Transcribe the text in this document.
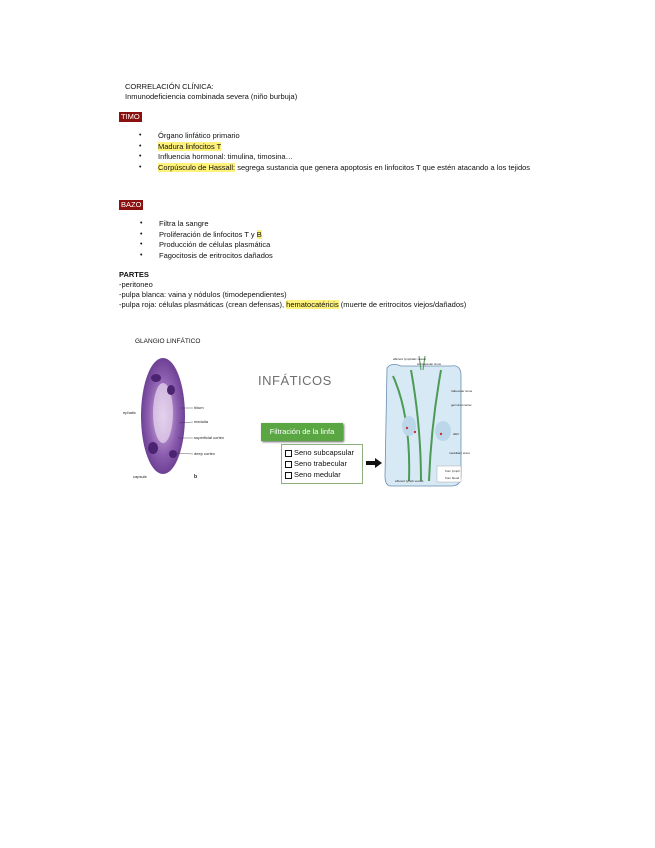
CORRELACIÓN CLÍNICA:
Inmunodeficiencia combinada severa (niño burbuja)
TIMO
• Órgano linfático primario
• Madura linfocitos T
• Influencia hormonal: timulina, timosina…
• Corpúsculo de Hassall: segrega sustancia que genera apoptosis en linfocitos T que estén atacando a los tejidos
BAZO
• Filtra la sangre
• Proliferación de linfocitos T y B
• Producción de células plasmática
• Fagocitosis de eritrocitos dañados
PARTES
-peritoneo
-pulpa blanca: vaina y nódulos (timodependientes)
-pulpa roja: células plasmáticas (crean defensas), hematocatéricis (muerte de eritrocitos viejos/dañados)
GLANGIO LINFÁTICO
ephatic
hilum
medulla
superficial cortex
deep cortex
capsule	b
INFÁTICOS
Filtración de la linfa
Seno subcapsular
Seno trabecular
Seno medular
afferent lymphatic vessel
subcapsular sinus
trabecular sinus
germinal center
HEV
medullary sinus
efferent lymph vessel
from lymph
from blood
